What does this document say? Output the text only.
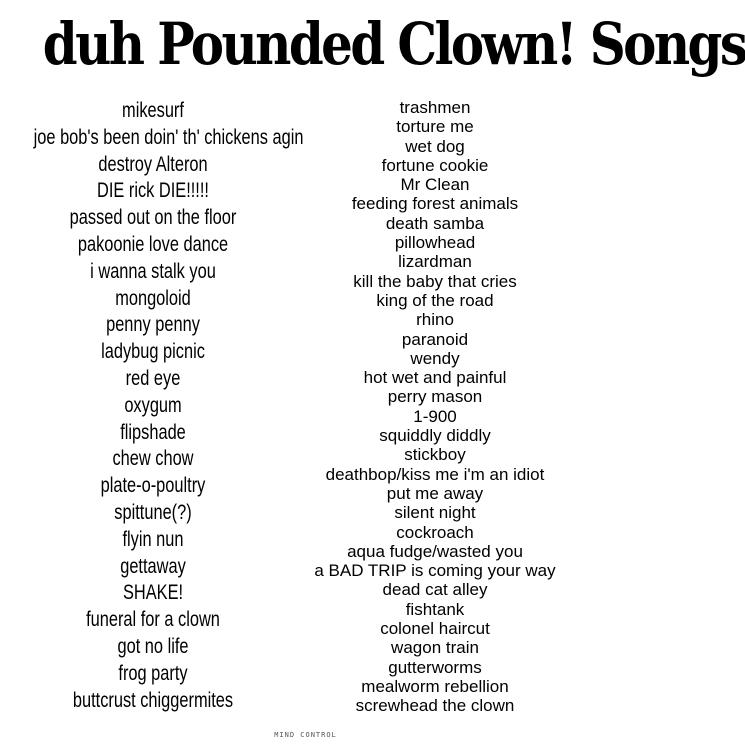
duh Pounded Clown! Songs
mikesurf
joe bob's been doin' th' chickens agin
destroy Alteron
DIE rick DIE!!!!!
passed out on the floor
pakoonie love dance
i wanna stalk you
mongoloid
penny penny
ladybug picnic
red eye
oxygum
flipshade
chew chow
plate-o-poultry
spittune(?)
flyin nun
gettaway
SHAKE!
funeral for a clown
got no life
frog party
buttcrust chiggermites
trashmen
torture me
wet dog
fortune cookie
Mr Clean
feeding forest animals
death samba
pillowhead
lizardman
kill the baby that cries
king of the road
rhino
paranoid
wendy
hot wet and painful
perry mason
1-900
squiddly diddly
stickboy
deathbop/kiss me i'm an idiot
put me away
silent night
cockroach
aqua fudge/wasted you
a BAD TRIP is coming your way
dead cat alley
fishtank
colonel haircut
wagon train
gutterworms
mealworm rebellion
screwhead the clown
MIND CONTROL
